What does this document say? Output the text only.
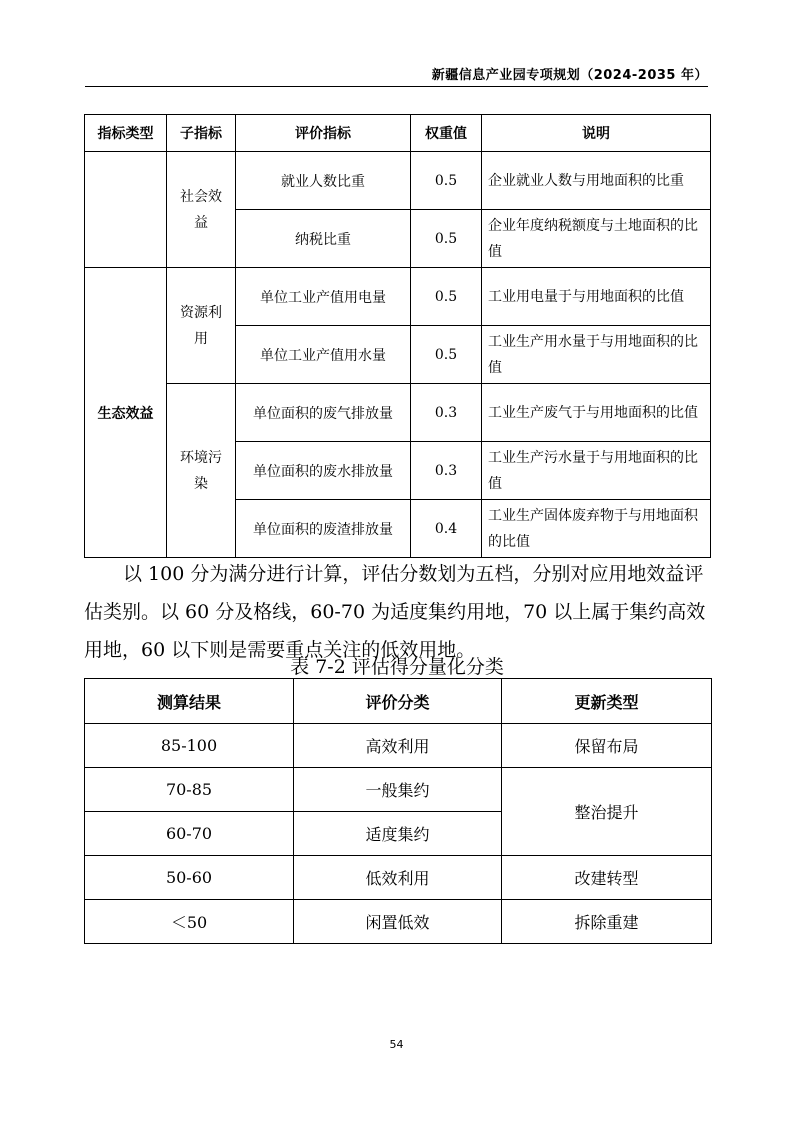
新疆信息产业园专项规划（2024-2035 年）
指标类型	子指标	评价指标	权重值	说明
	社会效益	就业人数比重	0.5	企业就业人数与用地面积的比重
		纳税比重	0.5	企业年度纳税额度与土地面积的比值
生态效益	资源利用	单位工业产值用电量	0.5	工业用电量于与用地面积的比值
		单位工业产值用水量	0.5	工业生产用水量于与用地面积的比值
	环境污染	单位面积的废气排放量	0.3	工业生产废气于与用地面积的比值
		单位面积的废水排放量	0.3	工业生产污水量于与用地面积的比值
		单位面积的废渣排放量	0.4	工业生产固体废弃物于与用地面积的比值

以 100 分为满分进行计算，评估分数划为五档，分别对应用地效益评估类别。以 60 分及格线，60-70 为适度集约用地，70 以上属于集约高效用地，60 以下则是需要重点关注的低效用地。

表 7-2 评估得分量化分类
测算结果	评价分类	更新类型
85-100	高效利用	保留布局
70-85	一般集约	整治提升
60-70	适度集约	
50-60	低效利用	改建转型
＜50	闲置低效	拆除重建
54
